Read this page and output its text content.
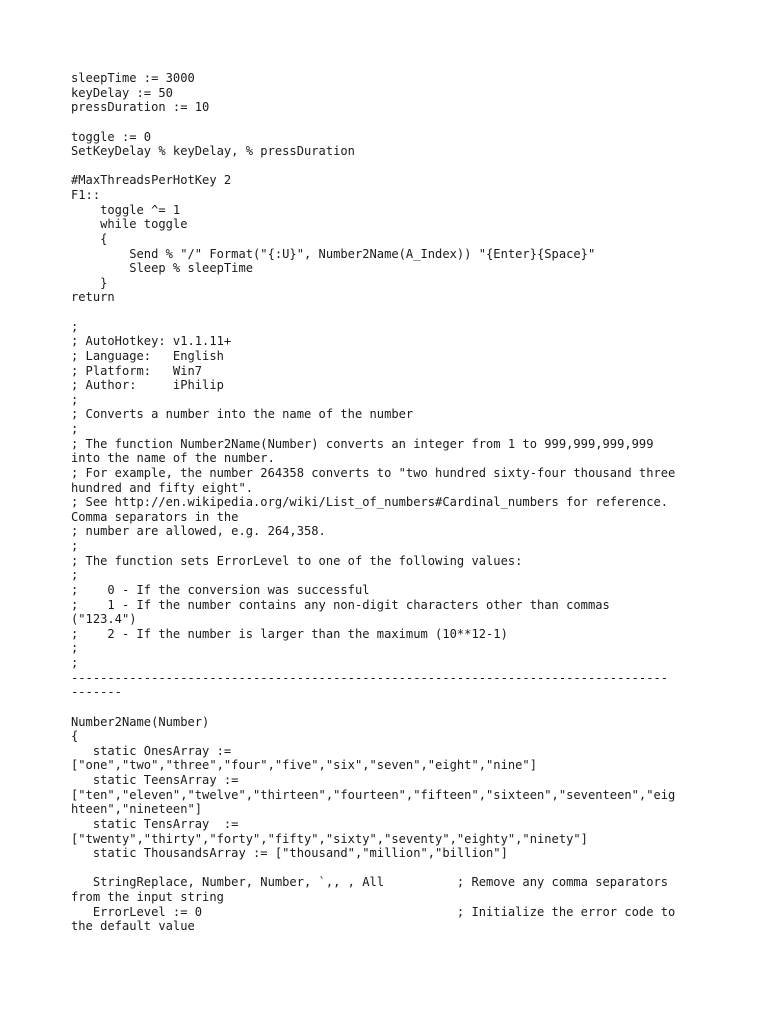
sleepTime := 3000
keyDelay := 50
pressDuration := 10

toggle := 0
SetKeyDelay % keyDelay, % pressDuration

#MaxThreadsPerHotKey 2
F1::
toggle ^= 1
while toggle
{
Send % "/" Format("{:U}", Number2Name(A_Index)) "{Enter}{Space}"
Sleep % sleepTime
}
return

;
; AutoHotkey: v1.1.11+
; Language:   English
; Platform:   Win7
; Author:     iPhilip
;
; Converts a number into the name of the number
;
; The function Number2Name(Number) converts an integer from 1 to 999,999,999,999
into the name of the number.
; For example, the number 264358 converts to "two hundred sixty-four thousand three
hundred and fifty eight".
; See http://en.wikipedia.org/wiki/List_of_numbers#Cardinal_numbers for reference.
Comma separators in the
; number are allowed, e.g. 264,358.
;
; The function sets ErrorLevel to one of the following values:
;
;    0 - If the conversion was successful
;    1 - If the number contains any non-digit characters other than commas
("123.4")
;    2 - If the number is larger than the maximum (10**12-1)
;
;
----------------------------------------------------------------------------------
-------

Number2Name(Number)
{
static OnesArray :=
["one","two","three","four","five","six","seven","eight","nine"]
static TeensArray :=
["ten","eleven","twelve","thirteen","fourteen","fifteen","sixteen","seventeen","eig
hteen","nineteen"]
static TensArray  :=
["twenty","thirty","forty","fifty","sixty","seventy","eighty","ninety"]
static ThousandsArray := ["thousand","million","billion"]

StringReplace, Number, Number, `,, , All          ; Remove any comma separators
from the input string
ErrorLevel := 0                                   ; Initialize the error code to
the default value
